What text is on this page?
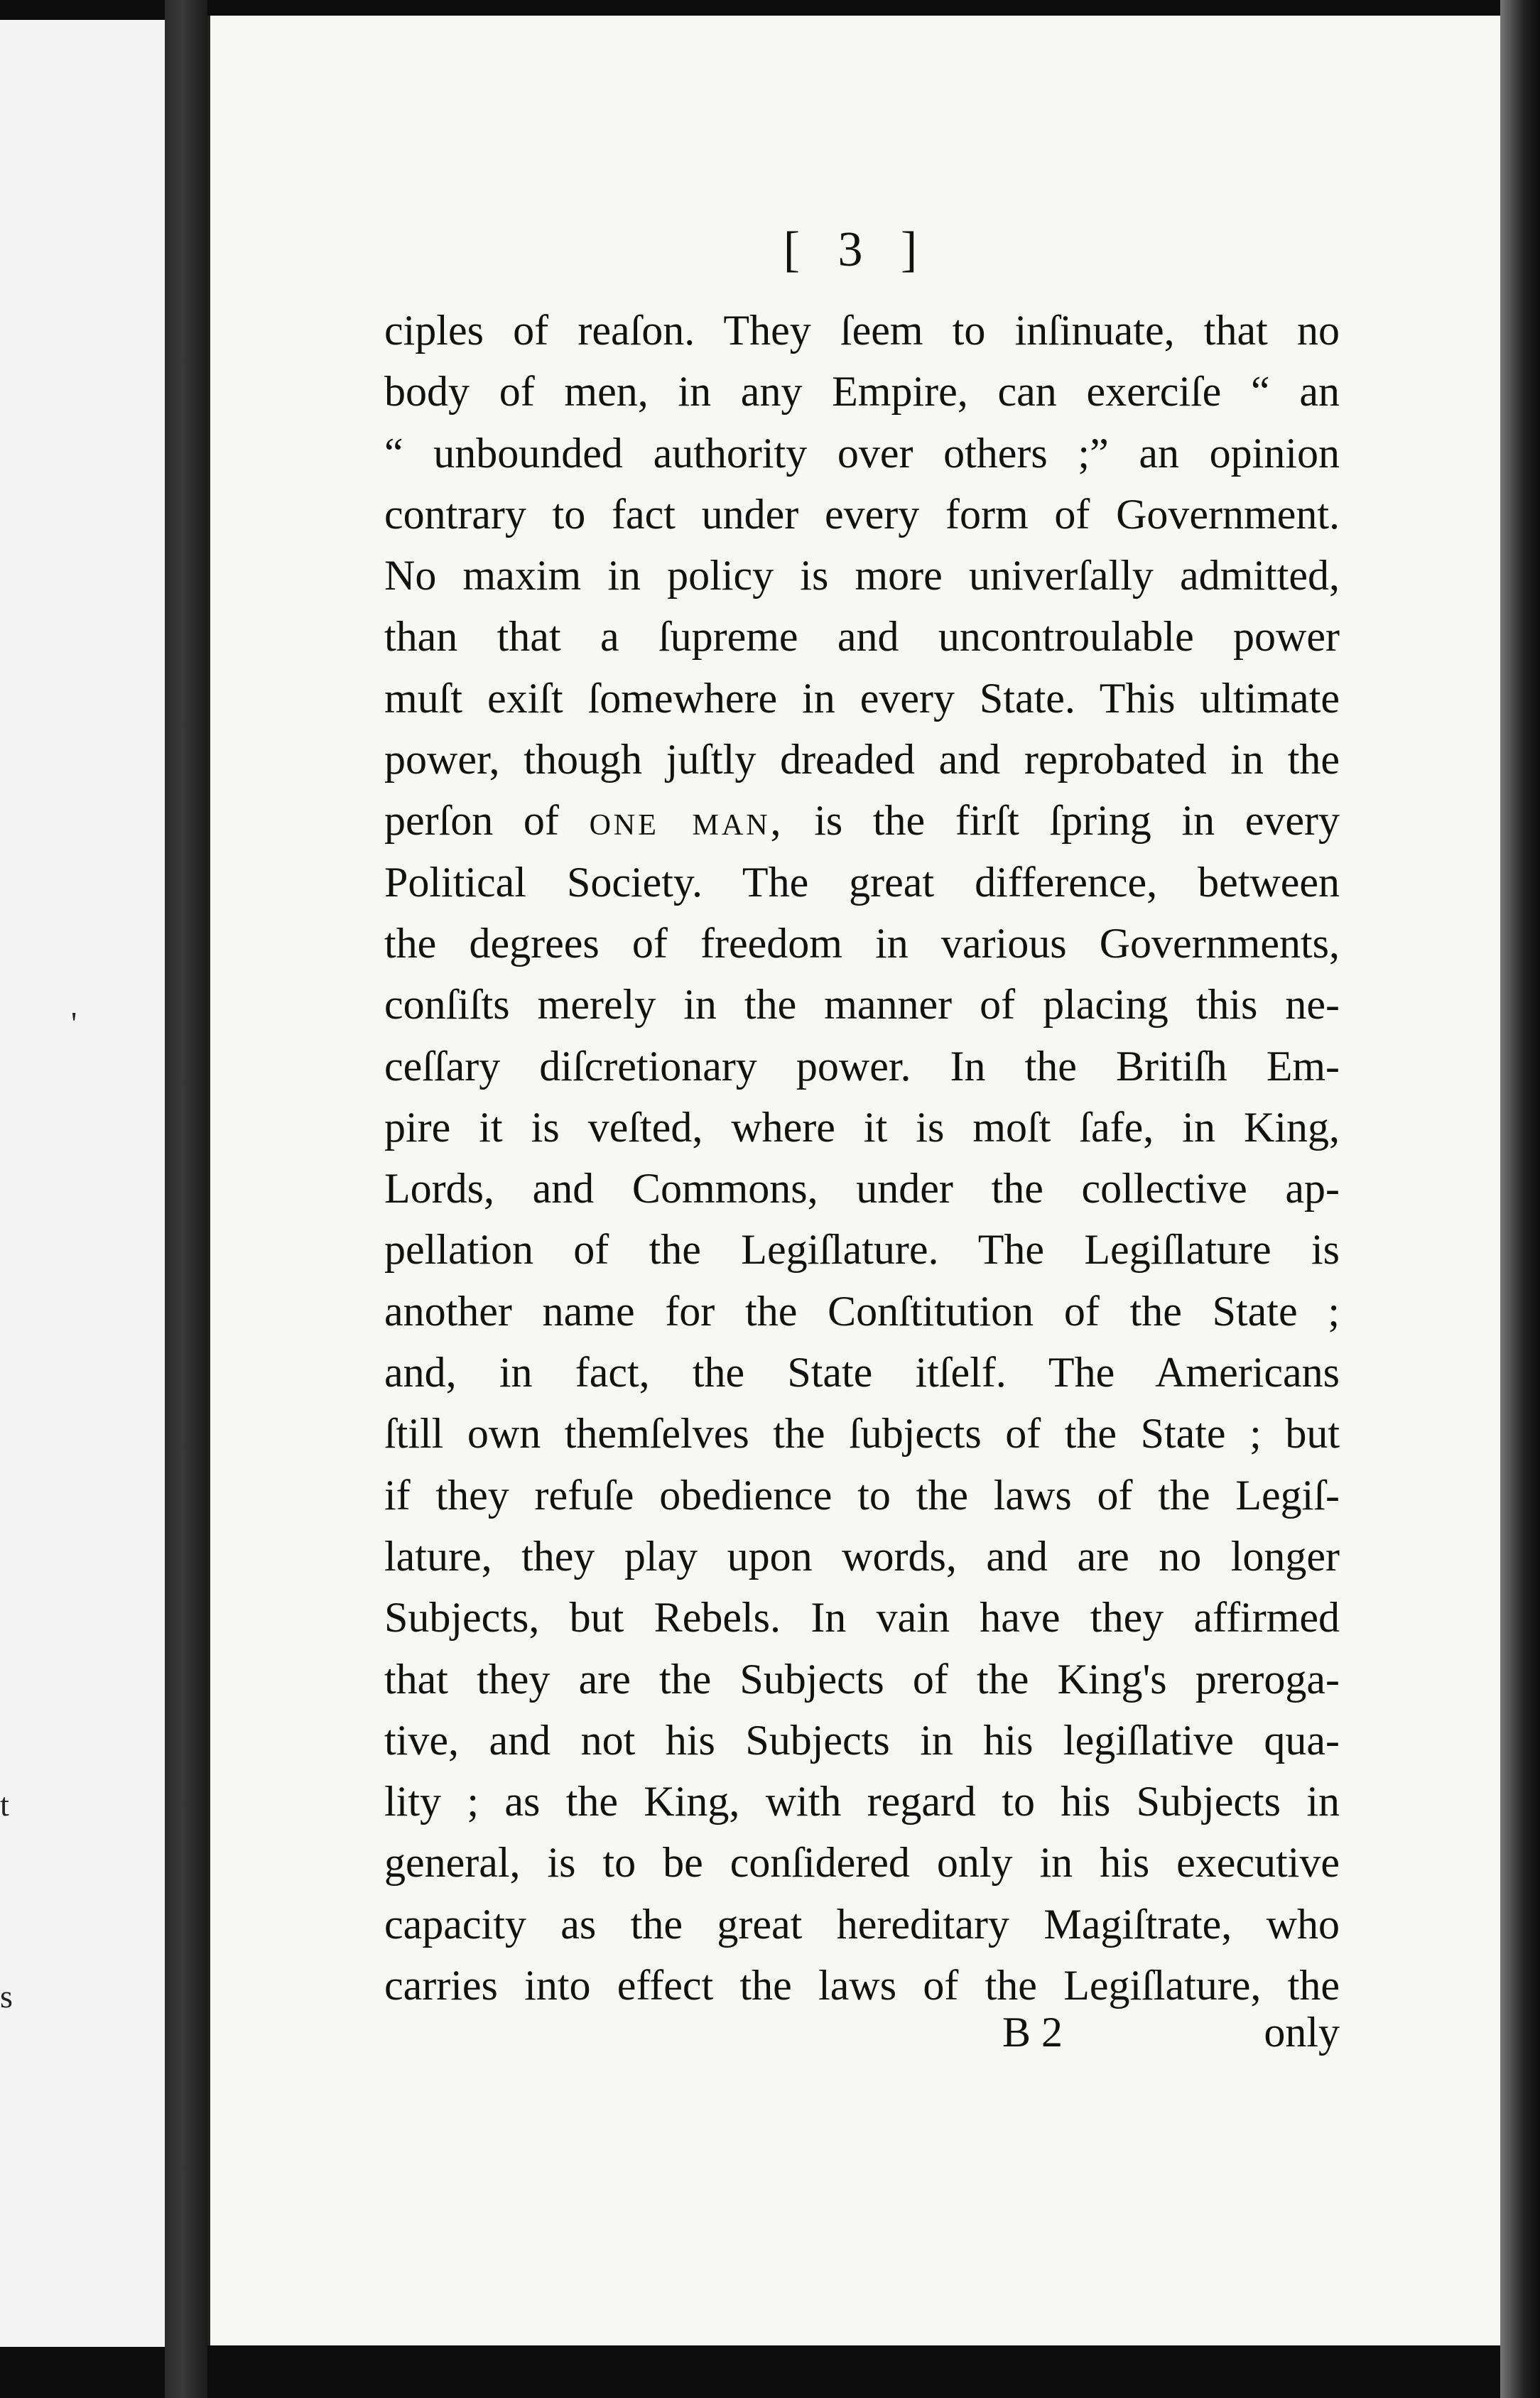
'
t
s
[ 3 ]
ciples of reaſon. They ſeem to inſinuate, that no
body of men, in any Empire, can exerciſe “ an
“ unbounded authority over others ;” an opinion
contrary to fact under every form of Government.
No maxim in policy is more univerſally admitted,
than that a ſupreme and uncontroulable power
muſt exiſt ſomewhere in every State. This ultimate
power, though juſtly dreaded and reprobated in the
perſon of one man, is the firſt ſpring in every
Political Society. The great difference, between
the degrees of freedom in various Governments,
conſiſts merely in the manner of placing this ne-
ceſſary diſcretionary power. In the Britiſh Em-
pire it is veſted, where it is moſt ſafe, in King,
Lords, and Commons, under the collective ap-
pellation of the Legiſlature. The Legiſlature is
another name for the Conſtitution of the State ;
and, in fact, the State itſelf. The Americans
ſtill own themſelves the ſubjects of the State ; but
if they refuſe obedience to the laws of the Legiſ-
lature, they play upon words, and are no longer
Subjects, but Rebels. In vain have they affirmed
that they are the Subjects of the King's preroga-
tive, and not his Subjects in his legiſlative qua-
lity ; as the King, with regard to his Subjects in
general, is to be conſidered only in his executive
capacity as the great hereditary Magiſtrate, who
carries into effect the laws of the Legiſlature, the
B 2	only
